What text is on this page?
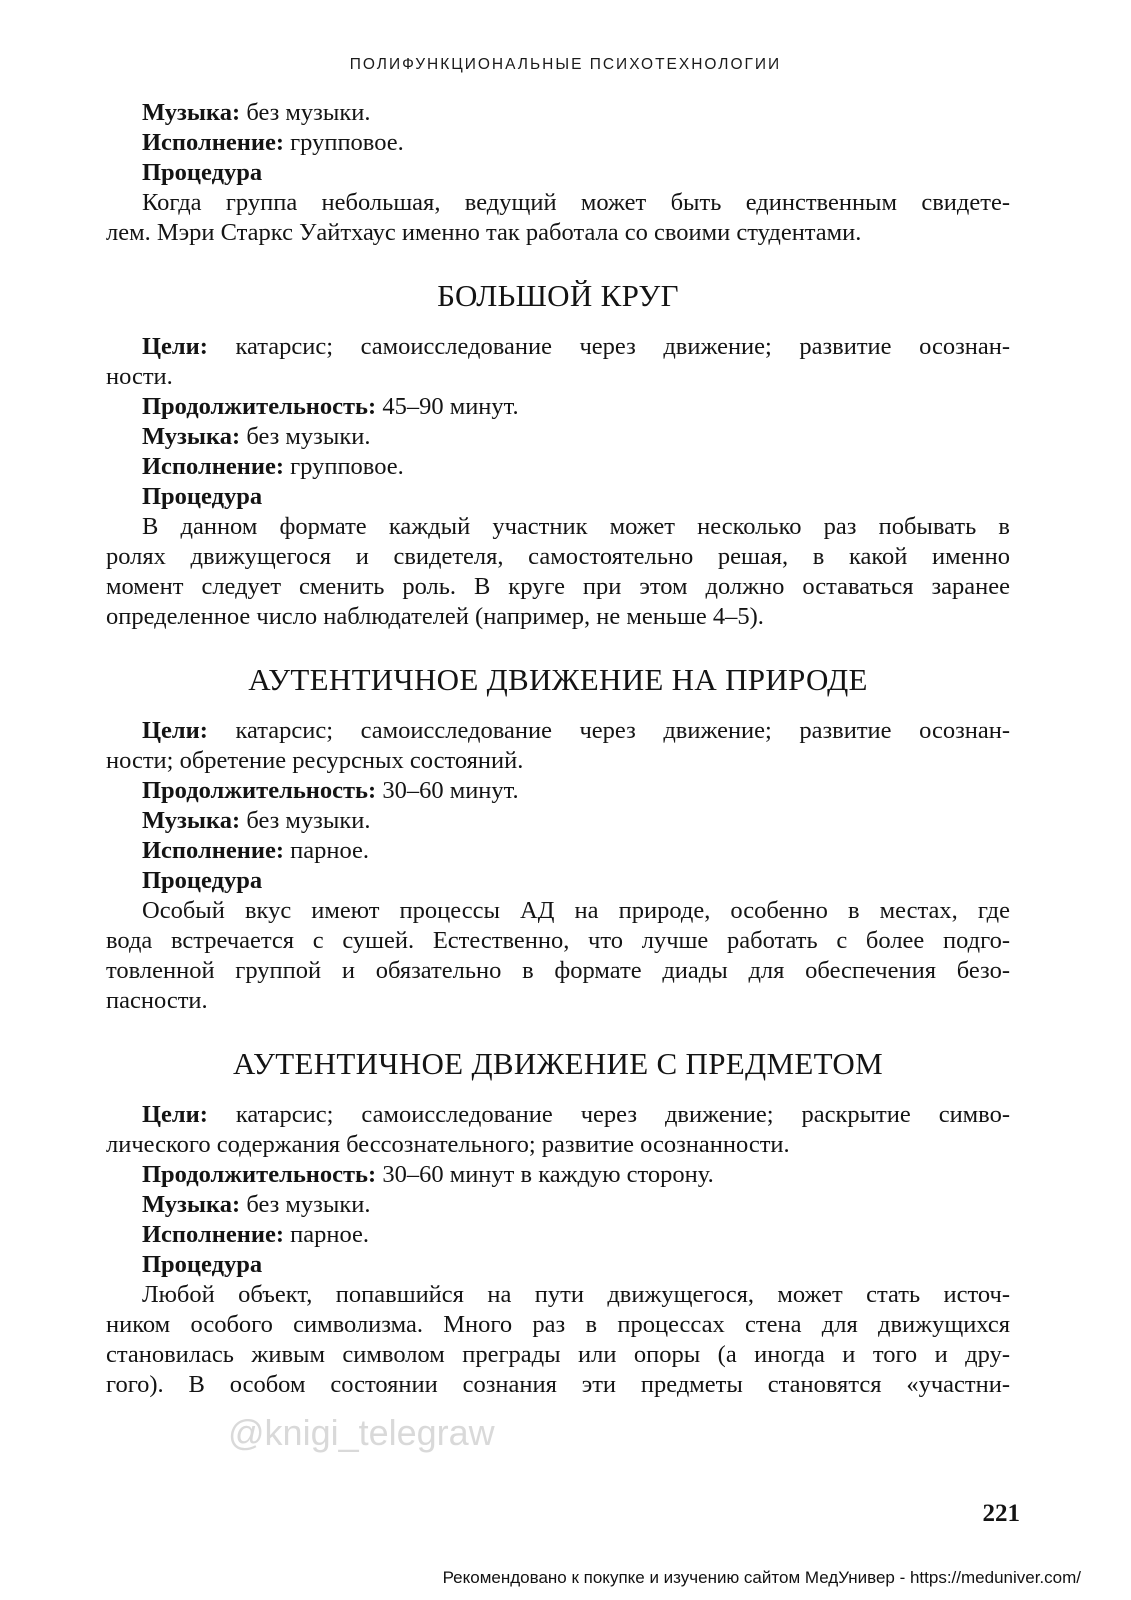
ПОЛИФУНКЦИОНАЛЬНЫЕ ПСИХОТЕХНОЛОГИИ

Музыка: без музыки.

Исполнение: групповое.

Процедура

Когда группа небольшая, ведущий может быть единственным свидете-

лем. Мэри Старкс Уайтхаус именно так работала со своими студентами.

БОЛЬШОЙ КРУГ

Цели: катарсис; самоисследование через движение; развитие осознан-

ности.

Продолжительность: 45–90 минут.

Музыка: без музыки.

Исполнение: групповое.

Процедура

В данном формате каждый участник может несколько раз побывать в

ролях движущегося и свидетеля, самостоятельно решая, в какой именно

момент следует сменить роль. В круге при этом должно оставаться заранее

определенное число наблюдателей (например, не меньше 4–5).

АУТЕНТИЧНОЕ ДВИЖЕНИЕ НА ПРИРОДЕ

Цели: катарсис; самоисследование через движение; развитие осознан-

ности; обретение ресурсных состояний.

Продолжительность: 30–60 минут.

Музыка: без музыки.

Исполнение: парное.

Процедура

Особый вкус имеют процессы АД на природе, особенно в местах, где

вода встречается с сушей. Естественно, что лучше работать с более подго-

товленной группой и обязательно в формате диады для обеспечения безо-

пасности.

АУТЕНТИЧНОЕ ДВИЖЕНИЕ С ПРЕДМЕТОМ

Цели: катарсис; самоисследование через движение; раскрытие симво-

лического содержания бессознательного; развитие осознанности.

Продолжительность: 30–60 минут в каждую сторону.

Музыка: без музыки.

Исполнение: парное.

Процедура

Любой объект, попавшийся на пути движущегося, может стать источ-

ником особого символизма. Много раз в процессах стена для движущихся

становилась живым символом преграды или опоры (а иногда и того и дру-

гого). В особом состоянии сознания эти предметы становятся «участни-

@knigi_telegraw
221
Рекомендовано к покупке и изучению сайтом МедУнивер - https://meduniver.com/
